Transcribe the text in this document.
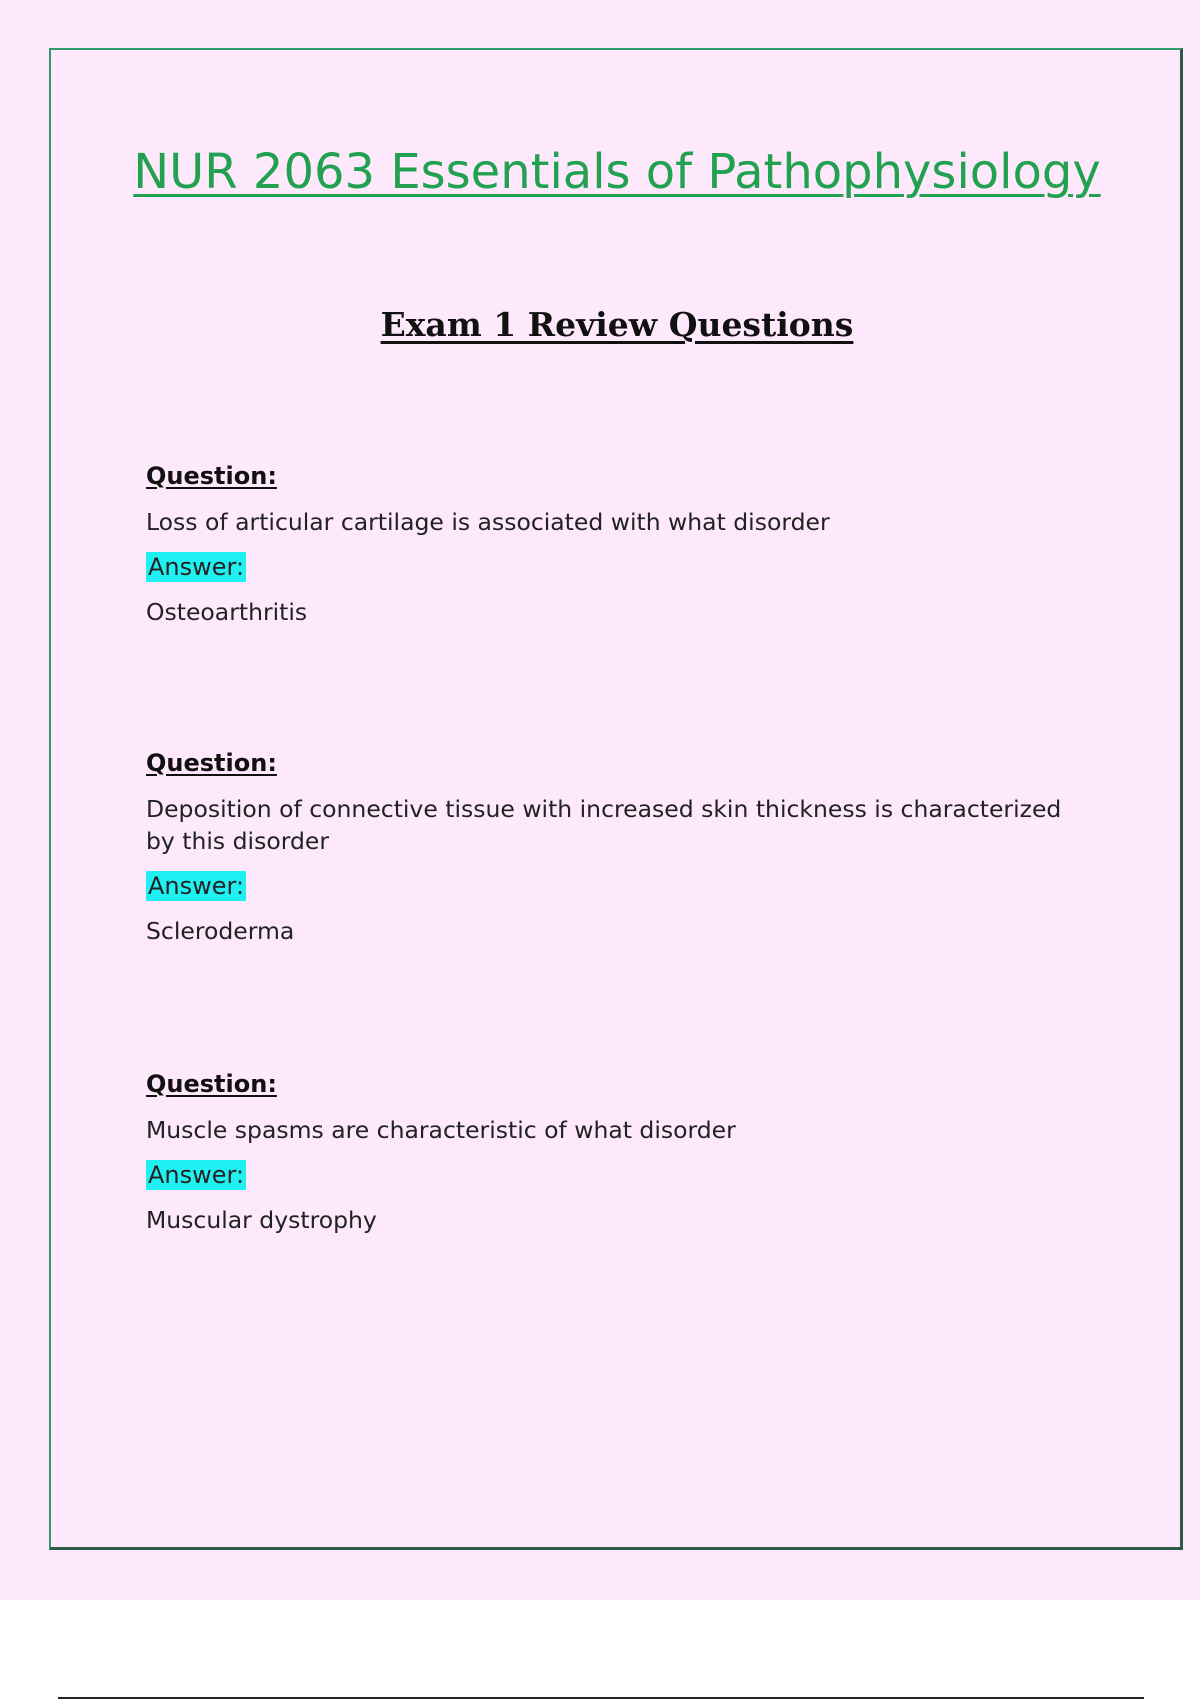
NUR 2063 Essentials of Pathophysiology
Exam 1 Review Questions

Question:

Loss of articular cartilage is associated with what disorder

Answer:

Osteoarthritis

Question:

Deposition of connective tissue with increased skin thickness is characterized by this disorder

Answer:

Scleroderma

Question:

Muscle spasms are characteristic of what disorder

Answer:

Muscular dystrophy
